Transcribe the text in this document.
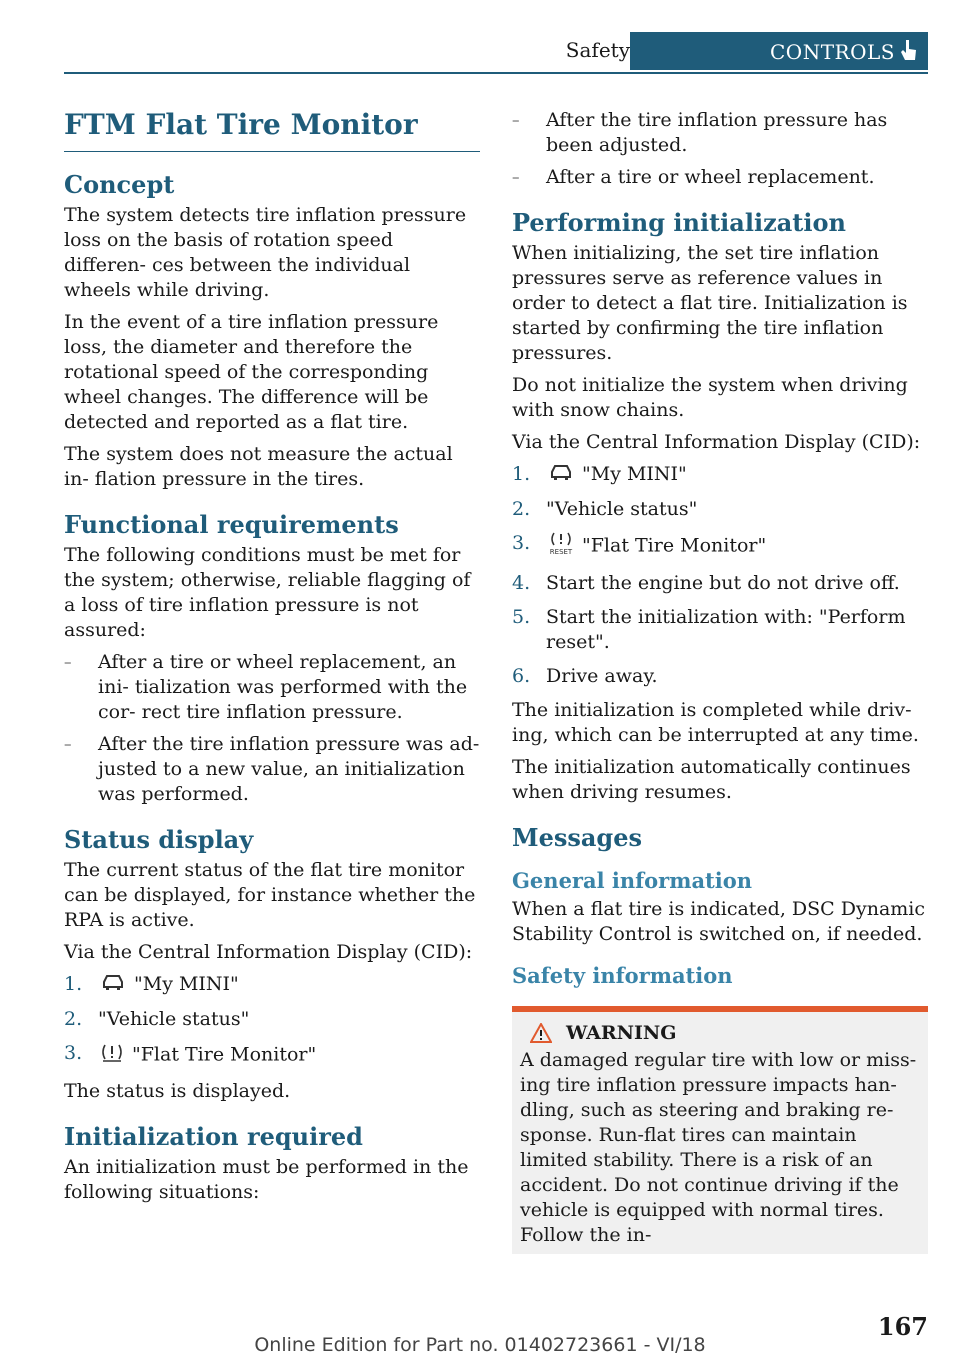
Safety	CONTROLS
FTM Flat Tire Monitor
Concept

The system detects tire inflation pressure loss on the basis of rotation speed differen‐ ces between the individual wheels while driving.

In the event of a tire inflation pressure loss, the diameter and therefore the rotational speed of the corresponding wheel changes. The difference will be detected and reported as a flat tire.

The system does not measure the actual in‐ flation pressure in the tires.

Functional requirements

The following conditions must be met for the system; otherwise, reliable flagging of a loss of tire inflation pressure is not assured:

–	After a tire or wheel replacement, an ini‐ tialization was performed with the cor‐ rect tire inflation pressure.
–	After the tire inflation pressure was ad‐ justed to a new value, an initialization was performed.
Status display

The current status of the flat tire monitor can be displayed, for instance whether the RPA is active.

Via the Central Information Display (CID):

1.	"My MINI"
2. "Vehicle status"
3.	"Flat Tire Monitor"

The status is displayed.

Initialization required

An initialization must be performed in the following situations:

–	After the tire inflation pressure has been adjusted.
–	After a tire or wheel replacement.
Performing initialization

When initializing, the set tire inflation pressures serve as reference values in order to detect a flat tire. Initialization is started by confirming the tire inflation pressures.

Do not initialize the system when driving with snow chains.

Via the Central Information Display (CID):

1.	"My MINI"
2. "Vehicle status"
3.	RESET "Flat Tire Monitor"
4. Start the engine but do not drive off.
5. Start the initialization with: "Perform reset".
6. Drive away.

The initialization is completed while driv‐ ing, which can be interrupted at any time.

The initialization automatically continues when driving resumes.

Messages
General information

When a flat tire is indicated, DSC Dynamic Stability Control is switched on, if needed.

Safety information
WARNING

A damaged regular tire with low or miss‐ ing tire inflation pressure impacts han‐ dling, such as steering and braking re‐ sponse. Run-flat tires can maintain limited stability. There is a risk of an accident. Do not continue driving if the vehicle is equipped with normal tires. Follow the in‐

167
Online Edition for Part no. 01402723661 - VI/18
